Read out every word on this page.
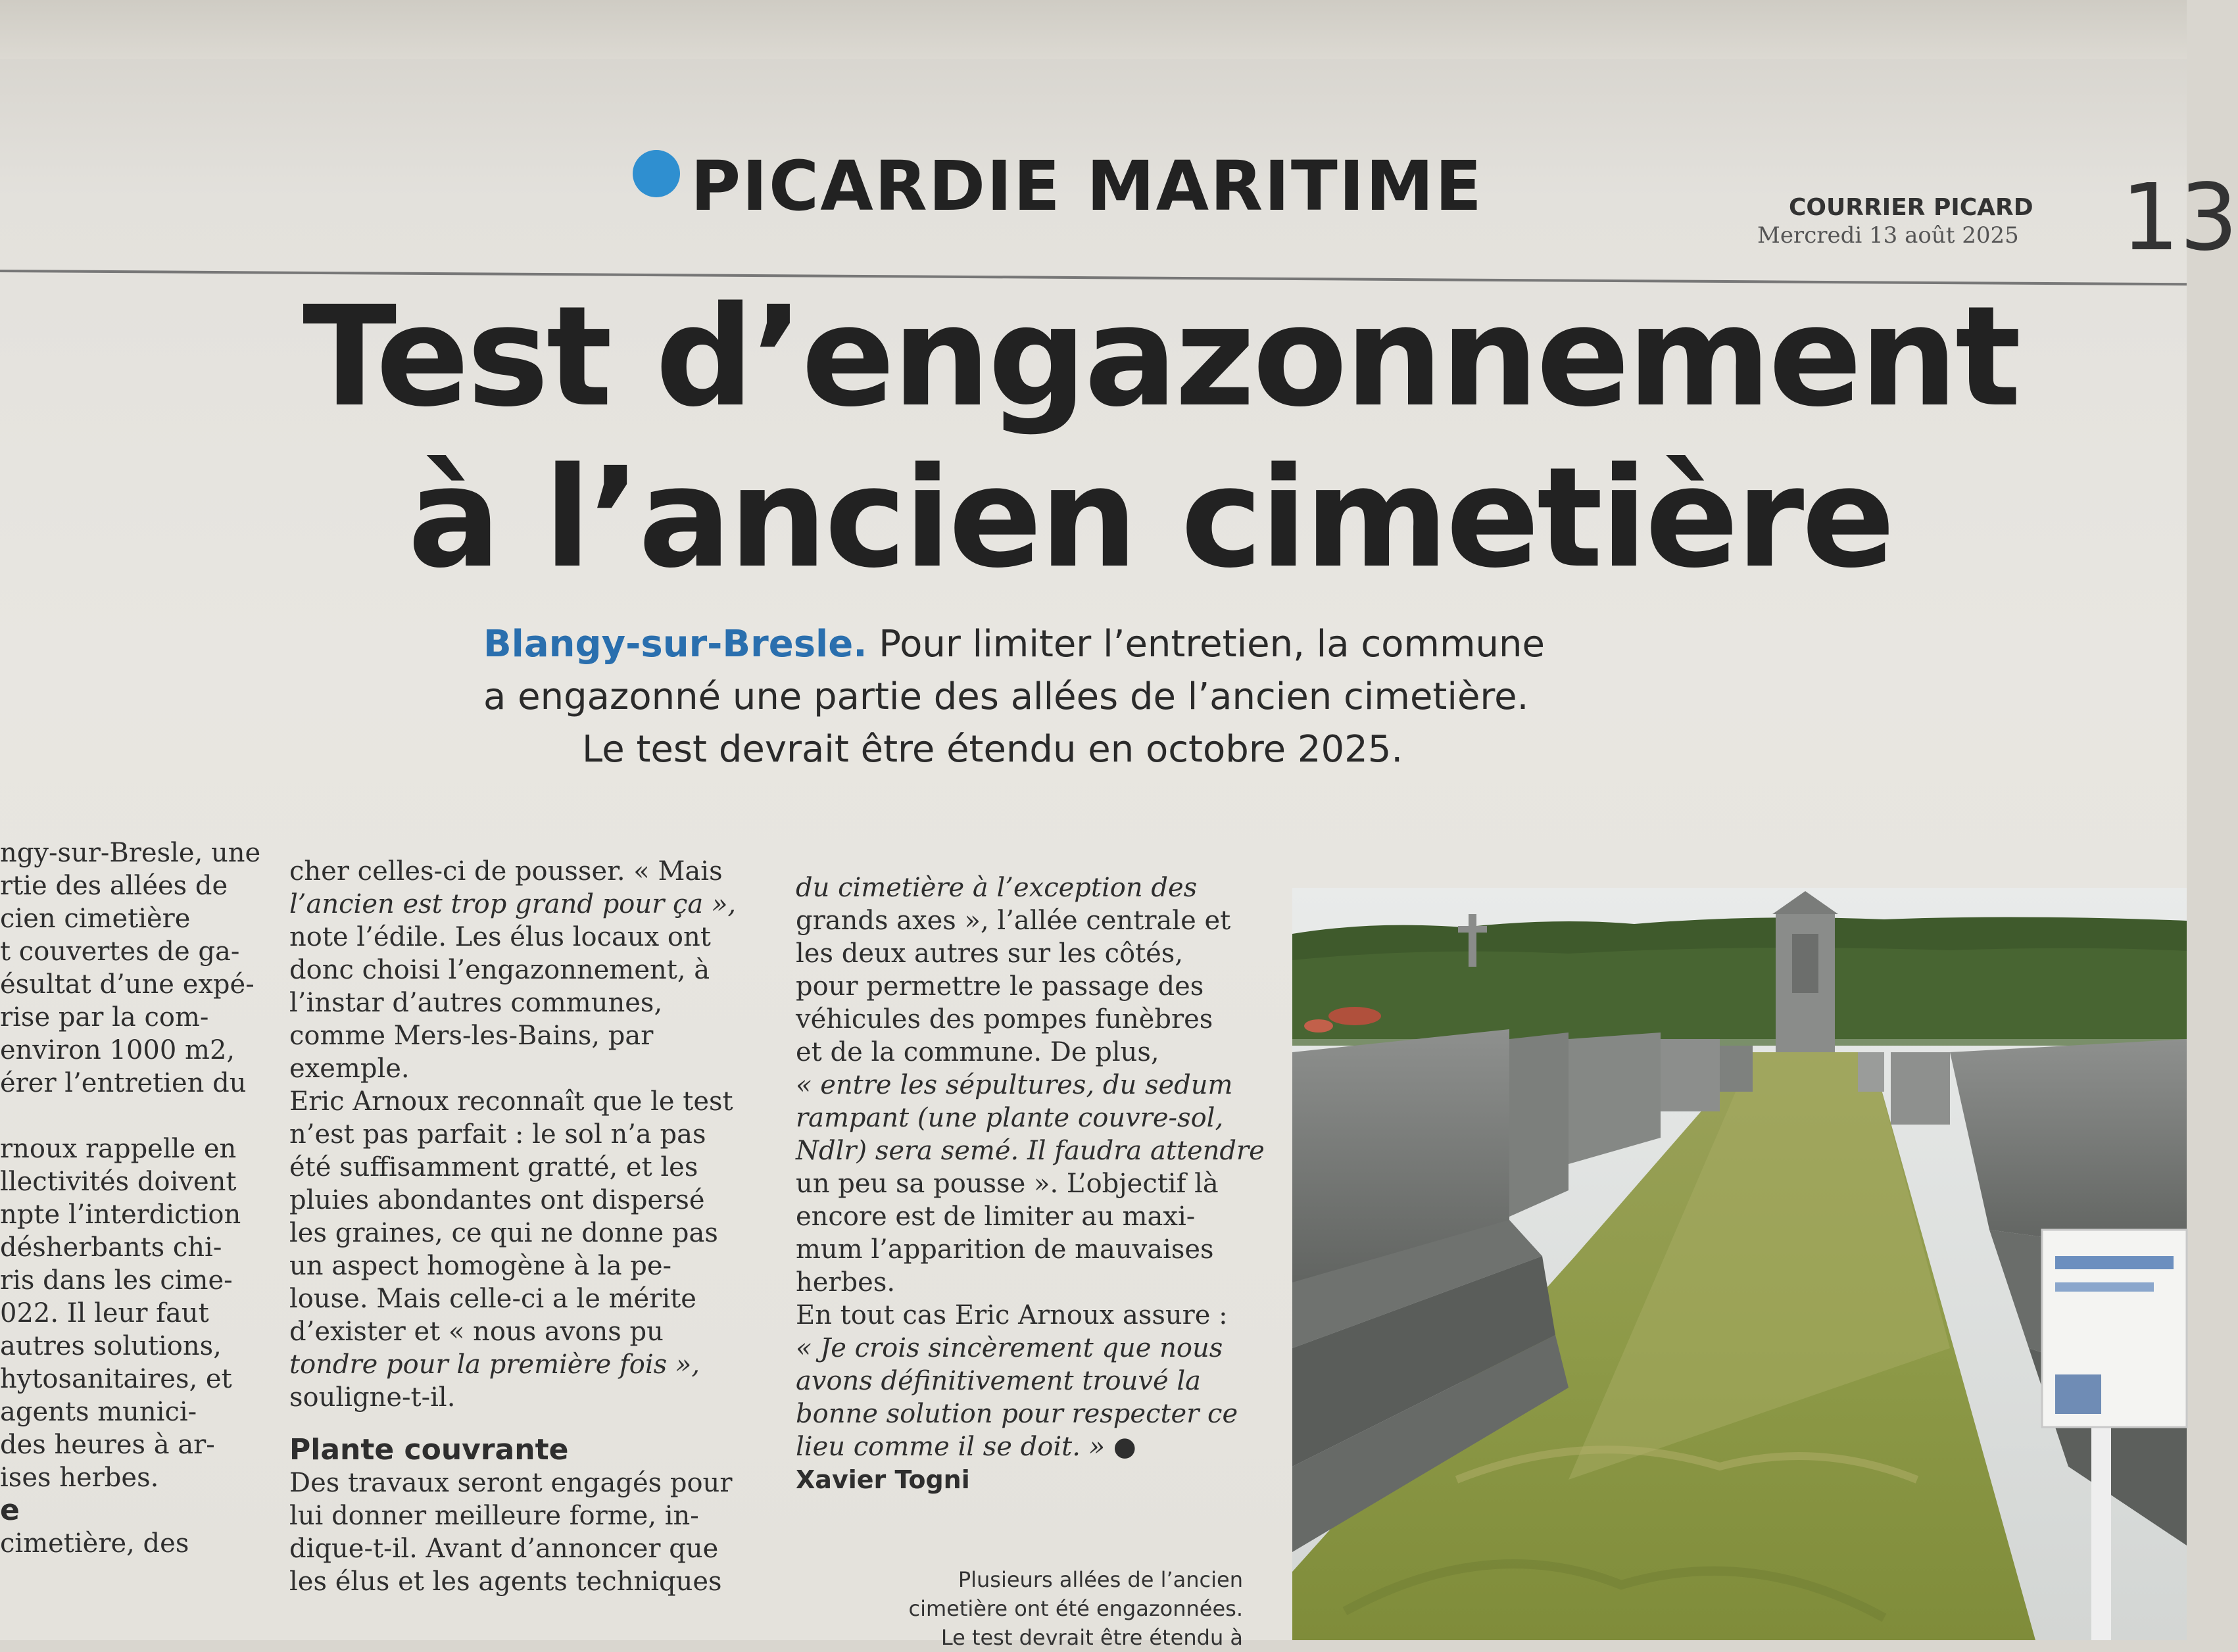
PICARDIE MARITIME	COURRIER PICARD
Mercredi 13 août 2025 13
Test d’engazonnement
à l’ancien cimetière
Blangy-sur-Bresle. Pour limiter l’entretien, la commune
a engazonné une partie des allées de l’ancien cimetière.
Le test devrait être étendu en octobre 2025.
ngy-sur-Bresle, une
rtie des allées de
cien cimetière
t couvertes de ga-
ésultat d’une expé-
rise par la com-
environ 1000 m2,
érer l’entretien du
rnoux rappelle en
llectivités doivent
npte l’interdiction
désherbants chi-
ris dans les cime-
022. Il leur faut
autres solutions,
hytosanitaires, et
agents munici-
des heures à ar-
ises herbes.
e
cimetière, des
cher celles-ci de pousser. « Mais
l’ancien est trop grand pour ça »,
note l’édile. Les élus locaux ont
donc choisi l’engazonnement, à
l’instar d’autres communes,
comme Mers-les-Bains, par
exemple.
Eric Arnoux reconnaît que le test
n’est pas parfait : le sol n’a pas
été suffisamment gratté, et les
pluies abondantes ont dispersé
les graines, ce qui ne donne pas
un aspect homogène à la pe-
louse. Mais celle-ci a le mérite
d’exister et « nous avons pu
tondre pour la première fois »,
souligne-t-il.
Plante couvrante
Des travaux seront engagés pour
lui donner meilleure forme, in-
dique-t-il. Avant d’annoncer que
les élus et les agents techniques
du cimetière à l’exception des
grands axes », l’allée centrale et
les deux autres sur les côtés,
pour permettre le passage des
véhicules des pompes funèbres
et de la commune. De plus,
« entre les sépultures, du sedum
rampant (une plante couvre-sol,
Ndlr) sera semé. Il faudra attendre
un peu sa pousse ». L’objectif là
encore est de limiter au maxi-
mum l’apparition de mauvaises
herbes.
En tout cas Eric Arnoux assure :
« Je crois sincèrement que nous
avons définitivement trouvé la
bonne solution pour respecter ce
lieu comme il se doit. » ●
Xavier Togni
Plusieurs allées de l’ancien
cimetière ont été engazonnées.
Le test devrait être étendu à
